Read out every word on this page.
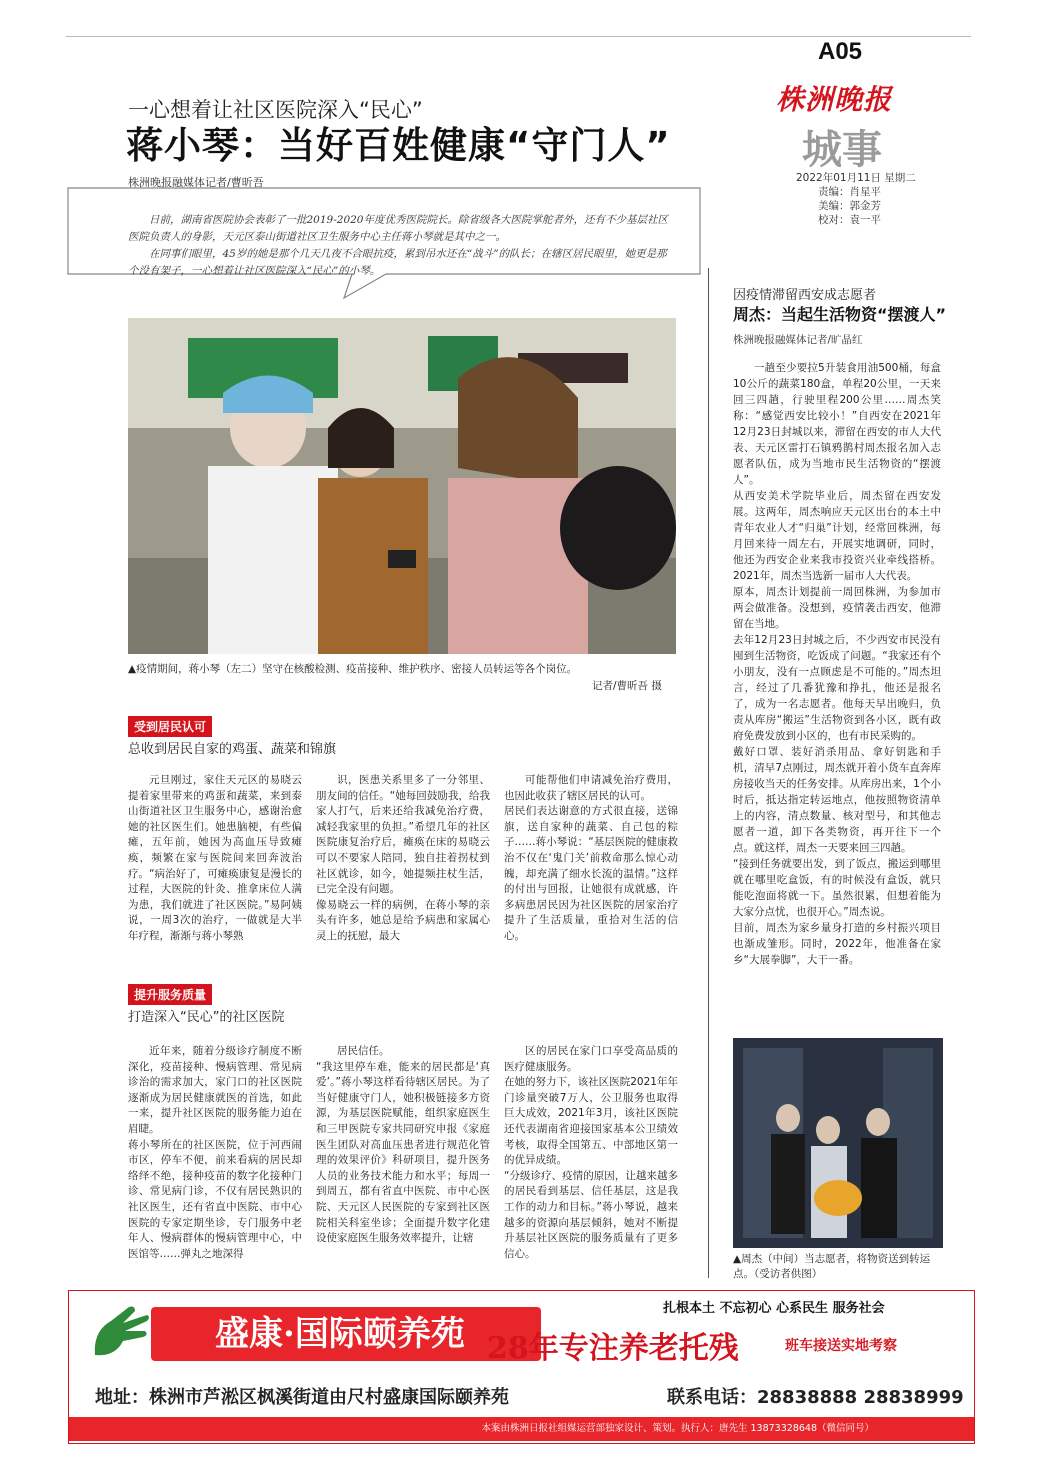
A05
株洲晚报
城事
2022年01月11日 星期二
责编：肖星平
美编：郭金芳
校对：袁一平
一心想着让社区医院深入“民心”
蒋小琴：当好百姓健康“守门人”
株洲晚报融媒体记者/曹昕吾

日前，湖南省医院协会表彰了一批2019-2020年度优秀医院院长。除省级各大医院掌舵者外，还有不少基层社区医院负责人的身影，天元区泰山街道社区卫生服务中心主任蒋小琴就是其中之一。

在同事们眼里，45岁的她是那个几天几夜不合眼抗疫，累到吊水还在“战斗”的队长；在辖区居民眼里，她更是那个没有架子，一心想着让社区医院深入“民心”的小琴。

▲疫情期间，蒋小琴（左二）坚守在核酸检测、疫苗接种、维护秩序、密接人员转运等各个岗位。
记者/曹昕吾 摄
受到居民认可
总收到居民自家的鸡蛋、蔬菜和锦旗
元旦刚过，家住天元区的易晓云提着家里带来的鸡蛋和蔬菜，来到泰山街道社区卫生服务中心，感谢治愈她的社区医生们。她患脑梗，有些偏瘫，五年前，她因为高血压导致瘫痪，频繁在家与医院间来回奔波治疗。“病治好了，可瘫痪康复是漫长的过程，大医院的针灸、推拿床位人满为患，我们就进了社区医院。”易阿姨说，一周3次的治疗，一做就是大半年疗程，渐渐与蒋小琴熟
识，医患关系里多了一分邻里、朋友间的信任。“她每回鼓励我，给我家人打气，后来还给我减免治疗费，减轻我家里的负担。”希望几年的社区医院康复治疗后，瘫痪在床的易晓云可以不要家人陪同，独自拄着拐杖到社区就诊，如今，她提频拄杖生活，已完全没有问题。
像易晓云一样的病例，在蒋小琴的亲头有许多，她总是给予病患和家属心灵上的抚慰，最大
可能帮他们申请减免治疗费用，也因此收获了辖区居民的认可。
居民们表达谢意的方式很直接，送锦旗，送自家种的蔬菜、自己包的粽子……蒋小琴说：“基层医院的健康救治不仅在‘鬼门关’前救命那么惊心动魄，却充满了细水长流的温情。”这样的付出与回报，让她很有成就感，许多病患居民因为社区医院的居家治疗提升了生活质量，重拾对生活的信心。
提升服务质量
打造深入“民心”的社区医院
近年来，随着分级诊疗制度不断深化，疫苗接种、慢病管理、常见病诊治的需求加大，家门口的社区医院逐渐成为居民健康就医的首选，如此一来，提升社区医院的服务能力迫在眉睫。
蒋小琴所在的社区医院，位于河西闹市区，停车不便，前来看病的居民却络绎不绝，接种疫苗的数字化接种门诊、常见病门诊，不仅有居民熟识的社区医生，还有省直中医院、市中心医院的专家定期坐诊，专门服务中老年人、慢病群体的慢病管理中心，中医馆等……弹丸之地深得
居民信任。
“我这里停车难，能来的居民都是‘真爱’。”蒋小琴这样看待辖区居民。为了当好健康守门人，她积极链接多方资源，为基层医院赋能，组织家庭医生和三甲医院专家共同研究申报《家庭医生团队对高血压患者进行规范化管理的效果评价》科研项目，提升医务人员的业务技术能力和水平；每周一到周五，都有省直中医院、市中心医院、天元区人民医院的专家到社区医院相关科室坐诊；全面提升数字化建设使家庭医生服务效率提升，让辖
区的居民在家门口享受高品质的医疗健康服务。
在她的努力下，该社区医院2021年年门诊量突破7万人，公卫服务也取得巨大成效，2021年3月，该社区医院还代表湖南省迎接国家基本公卫绩效考核，取得全国第五、中部地区第一的优异成绩。
“分级诊疗、疫情的原因，让越来越多的居民看到基层、信任基层，这是我工作的动力和目标。”蒋小琴说，越来越多的资源向基层倾斜，她对不断提升基层社区医院的服务质量有了更多信心。
因疫情滞留西安成志愿者
周杰：当起生活物资“摆渡人”
株洲晚报融媒体记者/旷晶红
一趟至少要拉5升装食用油500桶，每盒10公斤的蔬菜180盒，单程20公里，一天来回三四趟，行驶里程200公里……周杰笑称：“感觉西安比较小！”自西安在2021年12月23日封城以来，滞留在西安的市人大代表、天元区雷打石镇鸦鹊村周杰报名加入志愿者队伍，成为当地市民生活物资的“摆渡人”。
从西安美术学院毕业后，周杰留在西安发展。这两年，周杰响应天元区出台的本土中青年农业人才“归巢”计划，经常回株洲，每月回来待一周左右，开展实地调研，同时，他还为西安企业来我市投资兴业牵线搭桥。2021年，周杰当选新一届市人大代表。
原本，周杰计划提前一周回株洲，为参加市两会做准备。没想到，疫情袭击西安，他滞留在当地。
去年12月23日封城之后，不少西安市民没有囤到生活物资，吃饭成了问题。“我家还有个小朋友，没有一点顾虑是不可能的。”周杰坦言，经过了几番犹豫和挣扎，他还是报名了，成为一名志愿者。他每天早出晚归，负责从库房“搬运”生活物资到各小区，既有政府免费发放到小区的，也有市民采购的。
戴好口罩、装好消杀用品、拿好钥匙和手机，清早7点刚过，周杰就开着小货车直奔库房接收当天的任务安排。从库房出来，1个小时后，抵达指定转运地点，他按照物资清单上的内容，清点数量、核对型号，和其他志愿者一道，卸下各类物资，再开往下一个点。就这样，周杰一天要来回三四趟。
“接到任务就要出发，到了饭点，搬运到哪里就在哪里吃盒饭，有的时候没有盒饭，就只能吃泡面将就一下。虽然很累，但想着能为大家分点忧，也很开心。”周杰说。
目前，周杰为家乡量身打造的乡村振兴项目也渐成雏形。同时，2022年，他准备在家乡“大展拳脚”，大干一番。
▲周杰（中间）当志愿者，将物资送到转运点。（受访者供图）
盛康·国际颐养苑
扎根本土 不忘初心 心系民生 服务社会
28年专注养老托残	班车接送实地考察
地址：株洲市芦淞区枫溪街道由尺村盛康国际颐养苑	联系电话：28838888 28838999
本案由株洲日报社组媒运营部独家设计、策划。执行人：唐先生 13873328648（微信同号）
